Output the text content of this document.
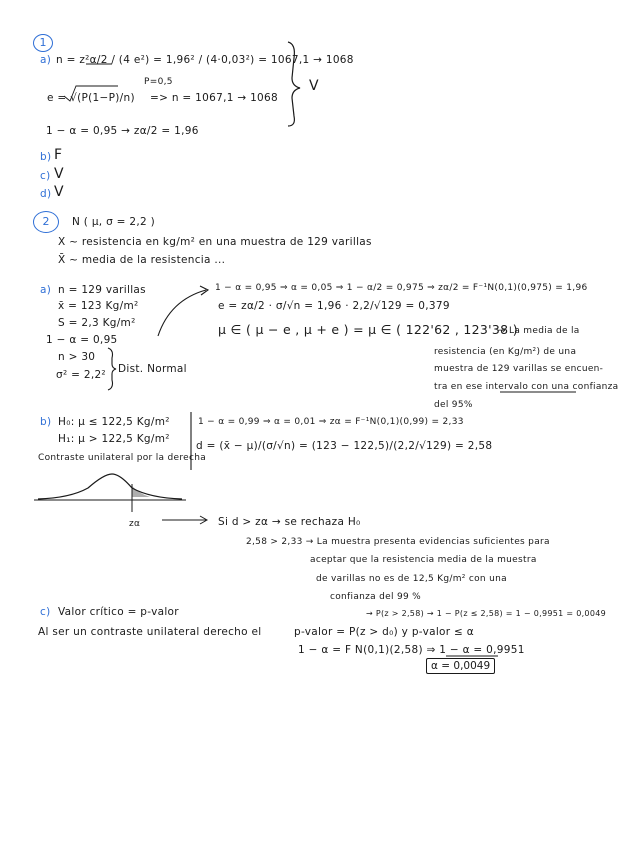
1
a) n = z²α/2 / (4 e²) = 1,96² / (4·0,03²) = 1067,1 → 1068
P=0,5
e = √(P(1−P)/n) => n = 1067,1 → 1068
1 − α = 0,95 → zα/2 = 1,96
V
b) F
c) V
d) V
2	N ( μ, σ = 2,2 )
X ~ resistencia en kg/m² en una muestra de 129 varillas
X̄ ~ media de la resistencia ...
a) n = 129 varillas
x̄ = 123 Kg/m²
S = 2,3 Kg/m²
1 − α = 0,95
n > 30
σ² = 2,2² Dist. Normal
1 − α = 0,95 ⇒ α = 0,05 ⇒ 1 − α/2 = 0,975 ⇒ zα/2 = F⁻¹N(0,1)(0,975) = 1,96
e = zα/2 · σ/√n = 1,96 · 2,2/√129 = 0,379
μ ∈ ( μ − e , μ + e ) = μ ∈ ( 122'62 , 123'38 )
→ La media de la
resistencia (en Kg/m²) de una
muestra de 129 varillas se encuen-
tra en ese intervalo con una confianza
del 95%
b) H₀: μ ≤ 122,5 Kg/m²
H₁: μ > 122,5 Kg/m²
Contraste unilateral por la derecha
1 − α = 0,99 ⇒ α = 0,01 ⇒ zα = F⁻¹N(0,1)(0,99) = 2,33
d = (x̄ − μ)/(σ/√n) = (123 − 122,5)/(2,2/√129) = 2,58
zα	Si d > zα → se rechaza H₀
2,58 > 2,33 → La muestra presenta evidencias suficientes para
aceptar que la resistencia media de la muestra
de varillas no es de 12,5 Kg/m² con una
confianza del 99 %
c) Valor crítico = p-valor	→ P(z > 2,58) → 1 − P(z ≤ 2,58) = 1 − 0,9951 = 0,0049
Al ser un contraste unilateral derecho el	p-valor = P(z > d₀) y p-valor ≤ α
1 − α = F N(0,1)(2,58) ⇒ 1 − α = 0,9951
α = 0,0049
